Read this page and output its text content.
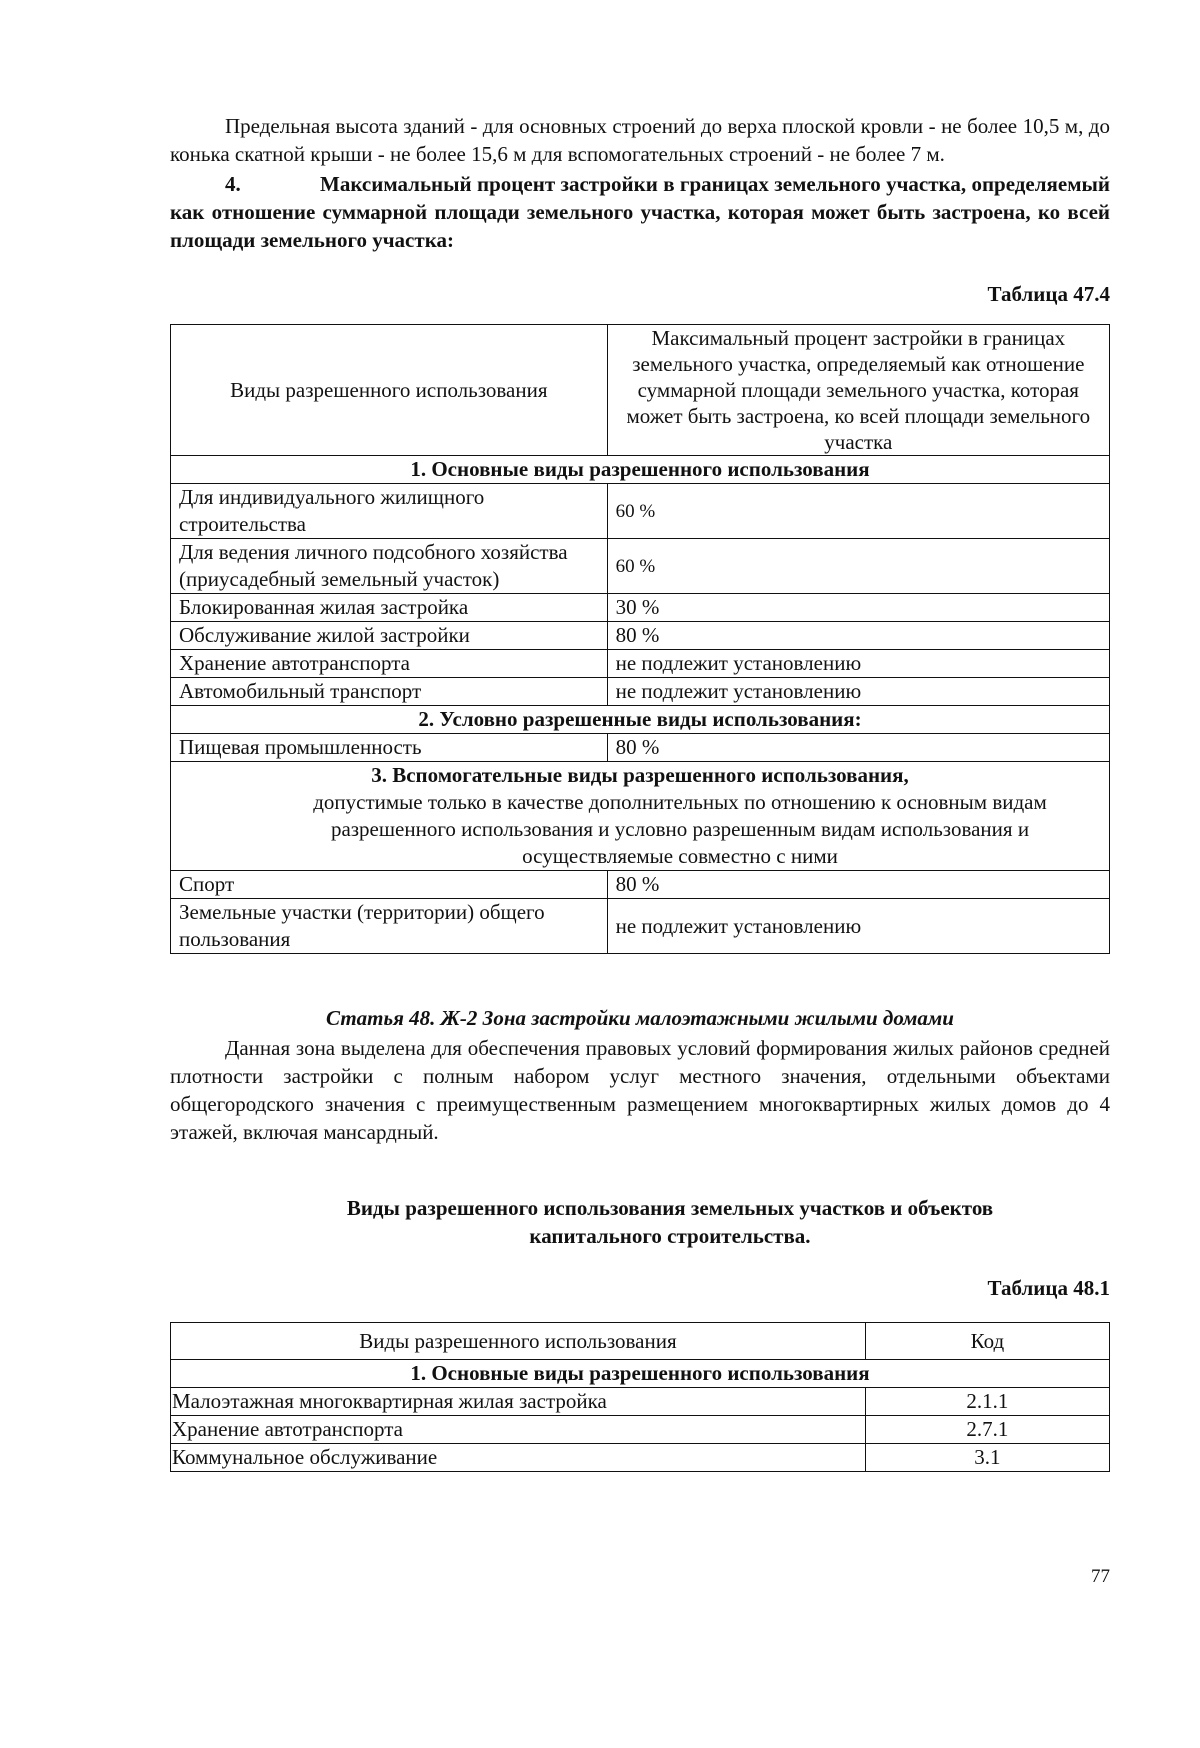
Предельная высота зданий - для основных строений до верха плоской кровли - не более 10,5 м, до конька скатной крыши - не более 15,6 м для вспомогательных строений - не более 7 м.

4.	Максимальный процент застройки в границах земельного участка, определяемый как отношение суммарной площади земельного участка, которая может быть застроена, ко всей площади земельного участка:

Таблица 47.4

Виды разрешенного использования	Максимальный процент застройки в границах земельного участка, определяемый как отношение суммарной площади земельного участка, которая может быть застроена, ко всей площади земельного участка
1. Основные виды разрешенного использования	
Для индивидуального жилищного строительства	60 %
Для ведения личного подсобного хозяйства (приусадебный земельный участок)	60 %
Блокированная жилая застройка	30 %
Обслуживание жилой застройки	80 %
Хранение автотранспорта	не подлежит установлению
Автомобильный транспорт	не подлежит установлению
2. Условно разрешенные виды использования:	
Пищевая промышленность	80 %

3. Вспомогательные виды разрешенного использования,
допустимые только в качестве дополнительных по отношению к основным видам разрешенного использования и условно разрешенным видам использования и осуществляемые совместно с ними	

Спорт	80 %
Земельные участки (территории) общего пользования	не подлежит установлению

Статья 48. Ж-2 Зона застройки малоэтажными жилыми домами

Данная зона выделена для обеспечения правовых условий формирования жилых районов средней плотности застройки с полным набором услуг местного значения, отдельными объектами общегородского значения с преимущественным размещением многоквартирных жилых домов до 4 этажей, включая мансардный.

Виды разрешенного использования земельных участков и объектов капитального строительства.

Таблица 48.1

Виды разрешенного использования	Код
1. Основные виды разрешенного использования	
Малоэтажная многоквартирная жилая застройка	2.1.1
Хранение автотранспорта	2.7.1
Коммунальное обслуживание	3.1
77
